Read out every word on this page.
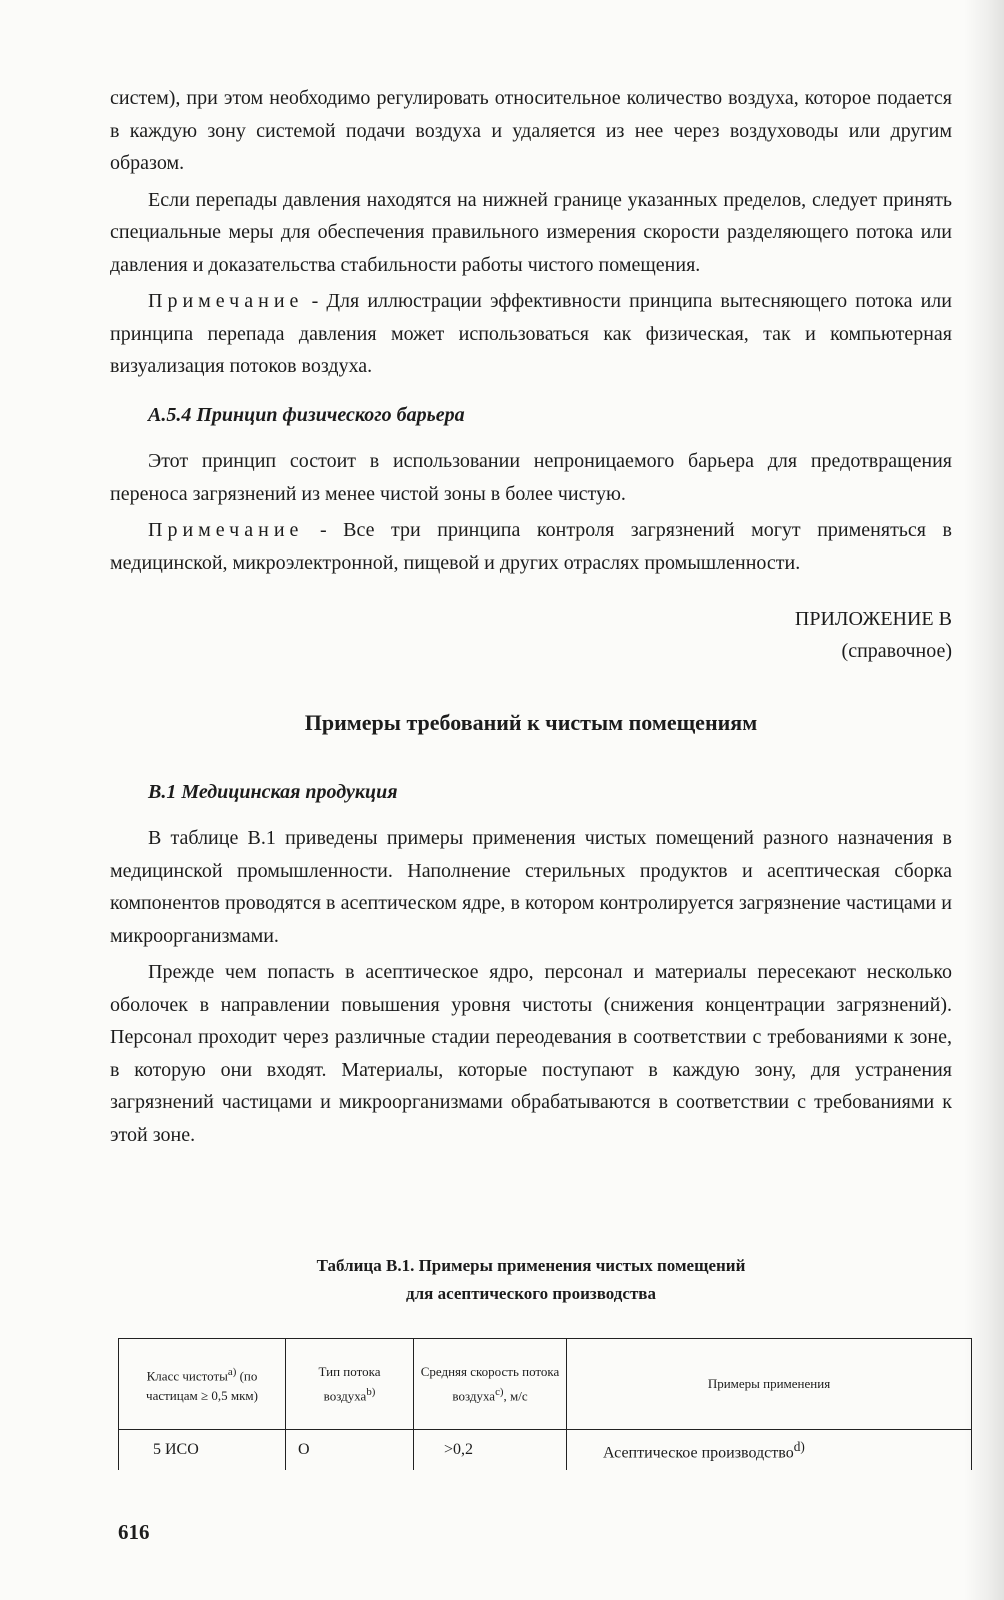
систем), при этом необходимо регулировать относительное количество воздуха, которое подается в каждую зону системой подачи воздуха и удаляется из нее через воздуховоды или другим образом.

Если перепады давления находятся на нижней границе указанных пределов, следует принять специальные меры для обеспечения правильного измерения скорости разделяющего потока или давления и доказательства стабильности работы чистого помещения.

Примечание - Для иллюстрации эффективности принципа вытесняющего потока или принципа перепада давления может использоваться как физическая, так и компьютерная визуализация потоков воздуха.

А.5.4 Принцип физического барьера

Этот принцип состоит в использовании непроницаемого барьера для предотвращения переноса загрязнений из менее чистой зоны в более чистую.

Примечание - Все три принципа контроля загрязнений могут применяться в медицинской, микроэлектронной, пищевой и других отраслях промышленности.

ПРИЛОЖЕНИЕ В
(справочное)
Примеры требований к чистым помещениям
В.1 Медицинская продукция

В таблице В.1 приведены примеры применения чистых помещений разного назначения в медицинской промышленности. Наполнение стерильных продуктов и асептическая сборка компонентов проводятся в асептическом ядре, в котором контролируется загрязнение частицами и микроорганизмами.

Прежде чем попасть в асептическое ядро, персонал и материалы пересекают несколько оболочек в направлении повышения уровня чистоты (снижения концентрации загрязнений). Персонал проходит через различные стадии переодевания в соответствии с требованиями к зоне, в которую они входят. Материалы, которые поступают в каждую зону, для устранения загрязнений частицами и микроорганизмами обрабатываются в соответствии с требованиями к этой зоне.

Таблица В.1. Примеры применения чистых помещений
для асептического производства
Класс чистоты$^{a)}$ (по частицам ≥ 0,5 мкм)	Тип потока воздуха$^{b)}$	Средняя скорость потока воздуха$^{c)}$, м/с	Примеры применения
5 ИСО	О	>0,2	Асептическое производство$^{d)}$
616
